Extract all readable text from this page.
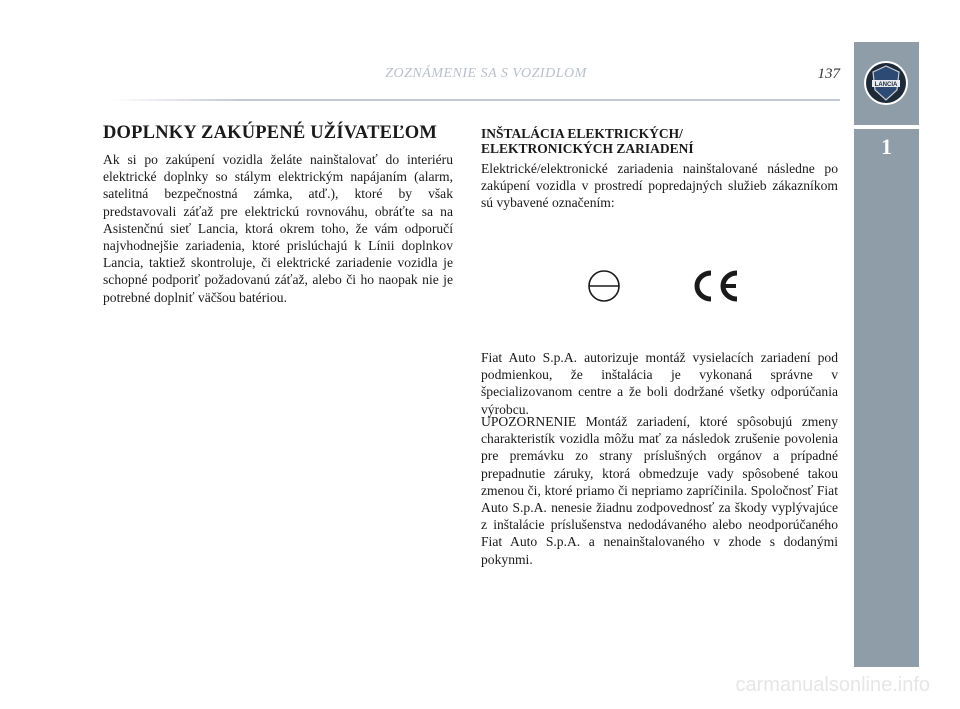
ZOZNÁMENIE SA S VOZIDLOM	137
LANCIA
1
DOPLNKY ZAKÚPENÉ UŽÍVATEĽOM

Ak si po zakúpení vozidla želáte nainštalovať do interiéru elektrické doplnky so stálym elektrickým napájaním (alarm, satelitná bezpečnostná zámka, atď.), ktoré by však predstavovali záťaž pre elektrickú rovnováhu, obráťte sa na Asistenčnú sieť Lancia, ktorá okrem toho, že vám odporučí najvhodnejšie zariadenia, ktoré prislúchajú k Línii doplnkov Lancia, taktiež skontroluje, či elektrické zariadenie vozidla je schopné podporiť požadovanú záťaž, alebo či ho naopak nie je potrebné doplniť väčšou batériou.

INŠTALÁCIA ELEKTRICKÝCH/
ELEKTRONICKÝCH ZARIADENÍ

Elektrické/elektronické zariadenia nainštalované následne po zakúpení vozidla v prostredí popredajných služieb zákazníkom sú vybavené označením:

Fiat Auto S.p.A. autorizuje montáž vysielacích zariadení pod podmienkou, že inštalácia je vykonaná správne v špecializovanom centre a že boli dodržané všetky odporúčania výrobcu.

UPOZORNENIE Montáž zariadení, ktoré spôsobujú zmeny charakteristík vozidla môžu mať za následok zrušenie povolenia pre premávku zo strany príslušných orgánov a prípadné prepadnutie záruky, ktorá obmedzuje vady spôsobené takou zmenou či, ktoré priamo či nepriamo zapríčinila. Spoločnosť Fiat Auto S.p.A. nenesie žiadnu zodpovednosť za škody vyplývajúce z inštalácie príslušenstva nedodávaného alebo neodporúčaného Fiat Auto S.p.A. a nenainštalovaného v zhode s dodanými pokynmi.

carmanualsonline.info
